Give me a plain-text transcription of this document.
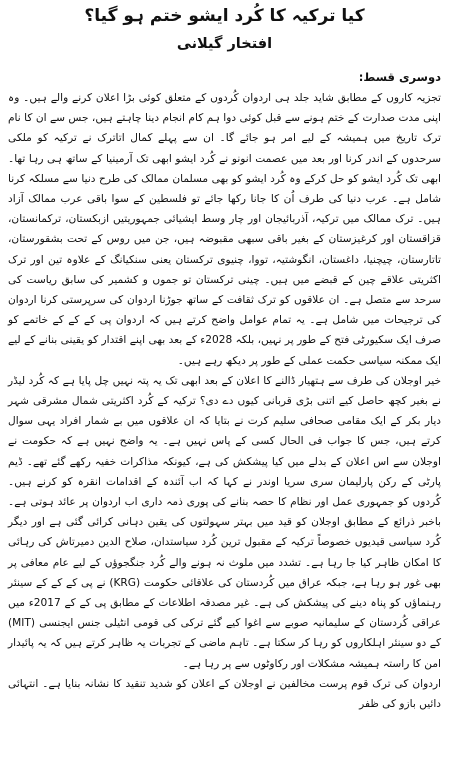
کیا ترکیہ کا کُرد ایشو ختم ہو گیا؟
افتخار گیلانی
دوسری قسط:

تجزیہ کاروں کے مطابق شاید جلد ہی اردوان کُردوں کے متعلق کوئی بڑا اعلان کرنے والے ہیں۔ وہ اپنی مدت صدارت کے ختم ہونے سے قبل کوئی دوا ہم کام انجام دینا چاہتے ہیں، جس سے ان کا نام ترک تاریخ میں ہمیشہ کے لیے امر ہو جائے گا۔ ان سے پہلے کمال اتاترک نے ترکیہ کو ملکی سرحدوں کے اندر کرنا اور بعد میں عصمت انونو نے کُرد ایشو ابھی تک آرمینیا کے ساتھ ہی رہا تھا۔ ابھی تک کُرد ایشو کو حل کرکے وہ کُرد ایشو کو بھی مسلمان ممالک کی طرح دنیا سے مسلکہ کرنا شامل ہے۔ عرب دنیا کی طرف اُن کا جانا رکھا جائے تو فلسطین کے سوا باقی عرب ممالک آزاد ہیں۔ ترک ممالک میں ترکیہ، آذربائیجان اور چار وسط ایشیائی جمہوریتیں ازبکستان، ترکمانستان، قزاقستان اور کرغیزستان کے بغیر باقی سبھی مقبوضہ ہیں، جن میں روس کے تحت بشقورستان، تاتارستان، چیچنیا، داغستان، انگوشتیہ، تووا، چنیوی ترکستان یعنی سنکیانگ کے علاوہ تین اور ترک اکثریتی علاقے چین کے قبضے میں ہیں۔ چینی ترکستان تو جموں و کشمیر کی سابق ریاست کی سرحد سے متصل ہے۔ ان علاقوں کو ترک ثقافت کے ساتھ جوڑنا اردوان کی سرپرستی کرنا اردوان کی ترجیحات میں شامل ہے۔ یہ تمام عوامل واضح کرتے ہیں کہ اردوان پی کے کے کے خاتمے کو صرف ایک سکیورٹی فتح کے طور پر نہیں، بلکہ 2028ء کے بعد بھی اپنے اقتدار کو یقینی بنانے کے لیے ایک ممکنہ سیاسی حکمت عملی کے طور پر دیکھ رہے ہیں۔

خیر اوجلان کی طرف سے ہتھیار ڈالنے کا اعلان کے بعد ابھی تک یہ پتہ نہیں چل پایا ہے کہ کُرد لیڈر نے بغیر کچھ حاصل کیے اتنی بڑی قربانی کیوں دے دی؟ ترکیہ کے کُرد اکثریتی شمال مشرقی شہر دیار بکر کے ایک مقامی صحافی سلیم کرت نے بتایا کہ ان علاقوں میں بے شمار افراد یہی سوال کرتے ہیں، جس کا جواب فی الحال کسی کے پاس نہیں ہے۔ یہ واضح نہیں ہے کہ حکومت نے اوجلان سے اس اعلان کے بدلے میں کیا پیشکش کی ہے، کیونکہ مذاکرات خفیہ رکھے گئے تھے۔ ڈیم پارٹی کے رکن پارلیمان سری سریا اوندر نے کہا کہ اب آئندہ کے اقدامات انقرہ کو کرنے ہیں۔ کُردوں کو جمہوری عمل اور نظام کا حصہ بنانے کی پوری ذمہ داری اب اردوان پر عائد ہوتی ہے۔ باخبر ذرائع کے مطابق اوجلان کو قید میں بہتر سہولتوں کی یقین دہانی کرائی گئی ہے اور دیگر کُرد سیاسی قیدیوں خصوصاً ترکیہ کے مقبول ترین کُرد سیاستدان، صلاح الدین دمیرتاش کی رہائی کا امکان ظاہر کیا جا رہا ہے۔ تشدد میں ملوث نہ ہونے والے کُرد جنگجوؤں کے لیے عام معافی پر بھی غور ہو رہا ہے، جبکہ عراق میں کُردستان کی علاقائی حکومت (KRG) نے پی کے کے کے سینئر رہنماؤں کو پناہ دینے کی پیشکش کی ہے۔ غیر مصدقہ اطلاعات کے مطابق پی کے کے 2017ء میں عراقی کُردستان کے سلیمانیہ صوبے سے اغوا کیے گئے ترکی کی قومی انٹیلی جنس ایجنسی (MIT) کے دو سینئر اہلکاروں کو رہا کر سکتا ہے۔ تاہم ماضی کے تجربات یہ ظاہر کرتے ہیں کہ یہ پائیدار امن کا راستہ ہمیشہ مشکلات اور رکاوٹوں سے پر رہا ہے۔

اردوان کی ترک قوم پرست مخالفین نے اوجلان کے اعلان کو شدید تنقید کا نشانہ بنایا ہے۔ انتہائی دائیں بازو کی ظفر
